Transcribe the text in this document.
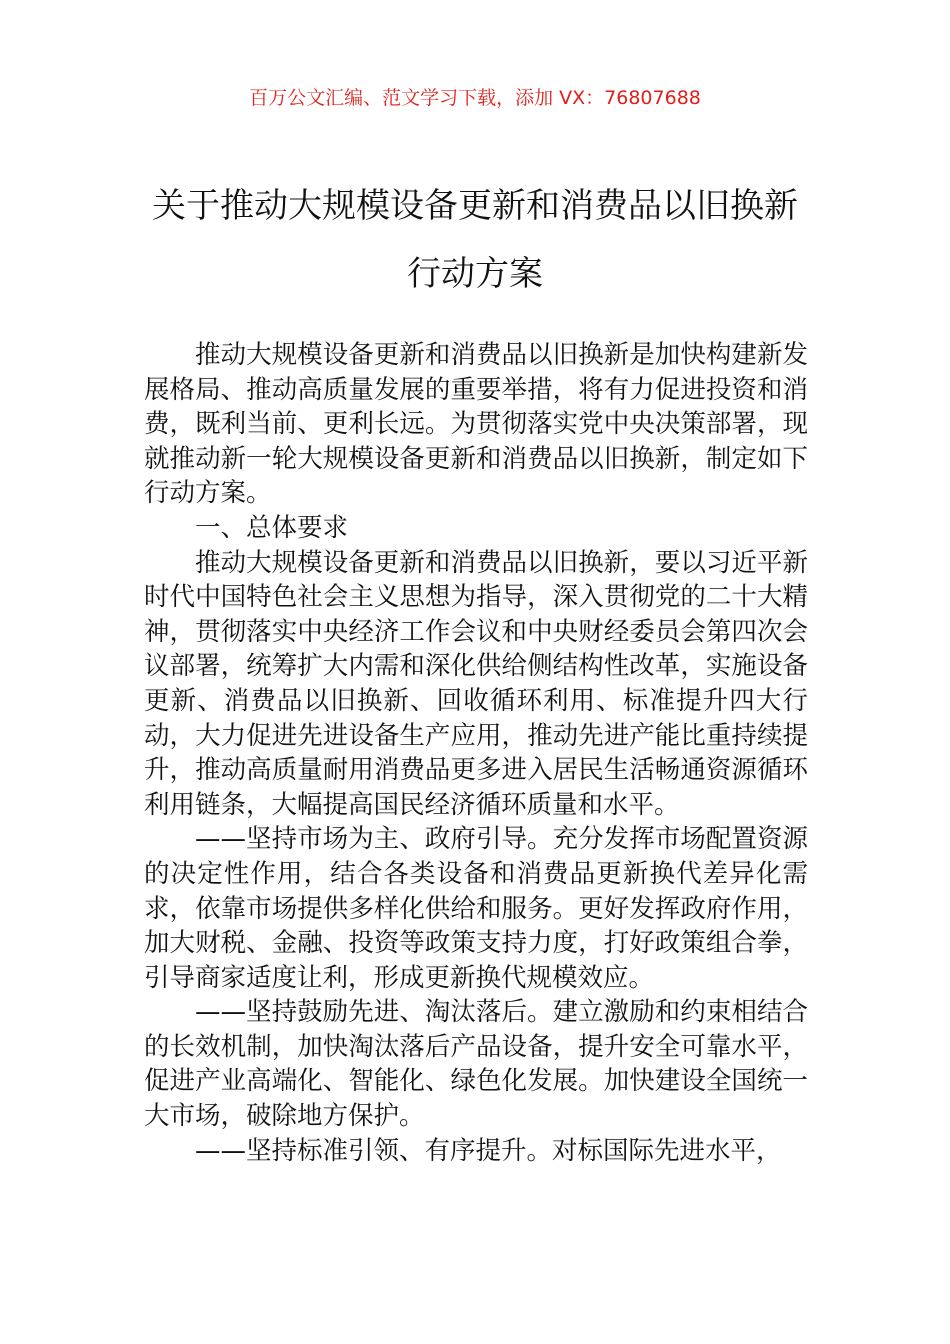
百万公文汇编、范文学习下载，添加 VX：76807688
关于推动大规模设备更新和消费品以旧换新行动方案

推动大规模设备更新和消费品以旧换新是加快构建新发展格局、推动高质量发展的重要举措，将有力促进投资和消费，既利当前、更利长远。为贯彻落实党中央决策部署，现就推动新一轮大规模设备更新和消费品以旧换新，制定如下行动方案。

一、总体要求

推动大规模设备更新和消费品以旧换新，要以习近平新时代中国特色社会主义思想为指导，深入贯彻党的二十大精神，贯彻落实中央经济工作会议和中央财经委员会第四次会议部署，统筹扩大内需和深化供给侧结构性改革，实施设备更新、消费品以旧换新、回收循环利用、标准提升四大行动，大力促进先进设备生产应用，推动先进产能比重持续提升，推动高质量耐用消费品更多进入居民生活畅通资源循环利用链条，大幅提高国民经济循环质量和水平。

——坚持市场为主、政府引导。充分发挥市场配置资源的决定性作用，结合各类设备和消费品更新换代差异化需求，依靠市场提供多样化供给和服务。更好发挥政府作用，加大财税、金融、投资等政策支持力度，打好政策组合拳，引导商家适度让利，形成更新换代规模效应。

——坚持鼓励先进、淘汰落后。建立激励和约束相结合的长效机制，加快淘汰落后产品设备，提升安全可靠水平，促进产业高端化、智能化、绿色化发展。加快建设全国统一大市场，破除地方保护。

——坚持标准引领、有序提升。对标国际先进水平，
